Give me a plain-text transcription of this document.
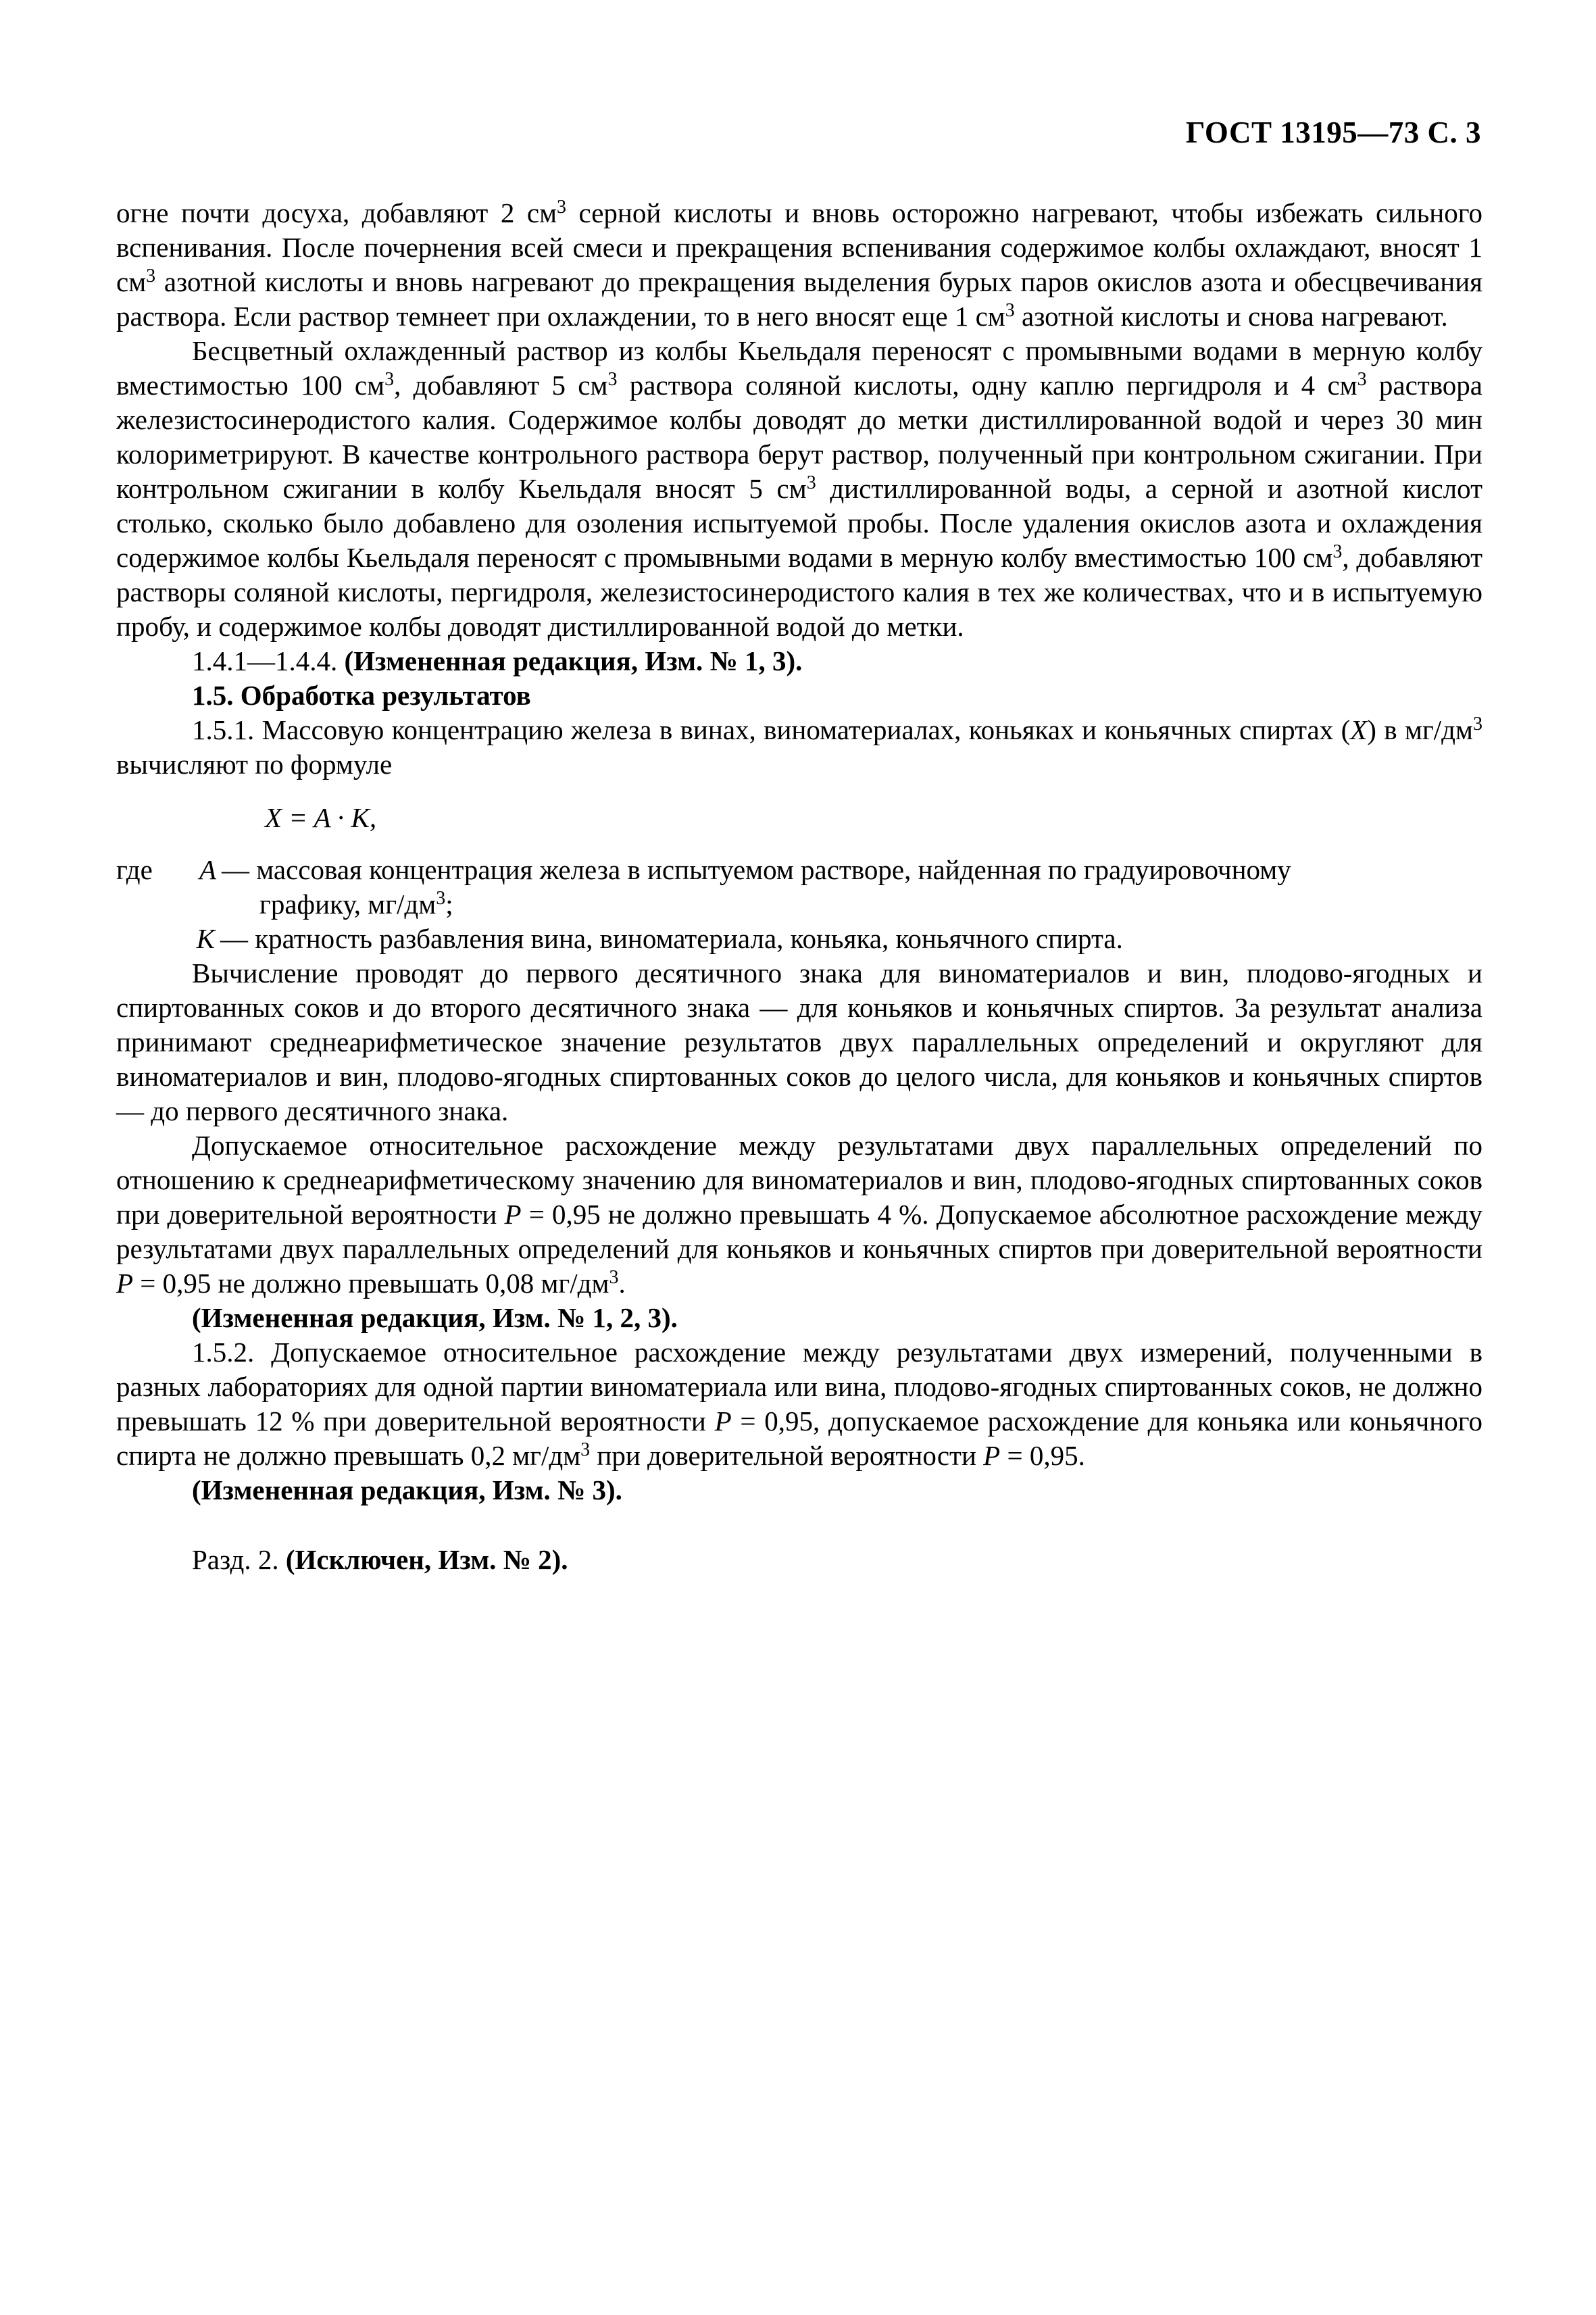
ГОСТ 13195—73 С. 3

огне почти досуха, добавляют 2 $см^3$ серной кислоты и вновь осторожно нагревают, чтобы избежать сильного вспенивания. После почернения всей смеси и прекращения вспенивания содержимое колбы охлаждают, вносят 1 $см^3$ азотной кислоты и вновь нагревают до прекращения выделения бурых паров окислов азота и обесцвечивания раствора. Если раствор темнеет при охлаждении, то в него вносят еще 1 $см^3$ азотной кислоты и снова нагревают.

Бесцветный охлажденный раствор из колбы Кьельдаля переносят с промывными водами в мерную колбу вместимостью 100 $см^3$, добавляют 5 $см^3$ раствора соляной кислоты, одну каплю пергидроля и 4 $см^3$ раствора железистосинеродистого калия. Содержимое колбы доводят до метки дистиллированной водой и через 30 мин колориметрируют. В качестве контрольного раствора берут раствор, полученный при контрольном сжигании. При контрольном сжигании в колбу Кьельдаля вносят 5 $см^3$ дистиллированной воды, а серной и азотной кислот столько, сколько было добавлено для озоления испытуемой пробы. После удаления окислов азота и охлаждения содержимое колбы Кьельдаля переносят с промывными водами в мерную колбу вместимостью 100 $см^3$, добавляют растворы соляной кислоты, пергидроля, железистосинеродистого калия в тех же количествах, что и в испытуемую пробу, и содержимое колбы доводят дистиллированной водой до метки.

1.4.1—1.4.4. (Измененная редакция, Изм. № 1, 3).

1.5. Обработка результатов

1.5.1. Массовую концентрацию железа в винах, виноматериалах, коньяках и коньячных спиртах (X) в $мг/дм^3$ вычисляют по формуле

X = A · K,

где	A — массовая концентрация железа в испытуемом растворе, найденная по градуировочному
графику, $мг/дм^3$;
K — кратность разбавления вина, виноматериала, коньяка, коньячного спирта.

Вычисление проводят до первого десятичного знака для виноматериалов и вин, плодово-ягодных и спиртованных соков и до второго десятичного знака — для коньяков и коньячных спиртов. За результат анализа принимают среднеарифметическое значение результатов двух параллельных определений и округляют для виноматериалов и вин, плодово-ягодных спиртованных соков до целого числа, для коньяков и коньячных спиртов — до первого десятичного знака.

Допускаемое относительное расхождение между результатами двух параллельных определений по отношению к среднеарифметическому значению для виноматериалов и вин, плодово-ягодных спиртованных соков при доверительной вероятности P = 0,95 не должно превышать 4 %. Допускаемое абсолютное расхождение между результатами двух параллельных определений для коньяков и коньячных спиртов при доверительной вероятности P = 0,95 не должно превышать 0,08 $мг/дм^3$.

(Измененная редакция, Изм. № 1, 2, 3).

1.5.2. Допускаемое относительное расхождение между результатами двух измерений, полученными в разных лабораториях для одной партии виноматериала или вина, плодово-ягодных спиртованных соков, не должно превышать 12 % при доверительной вероятности P = 0,95, допускаемое расхождение для коньяка или коньячного спирта не должно превышать 0,2 $мг/дм^3$ при доверительной вероятности P = 0,95.

(Измененная редакция, Изм. № 3).

Разд. 2. (Исключен, Изм. № 2).
